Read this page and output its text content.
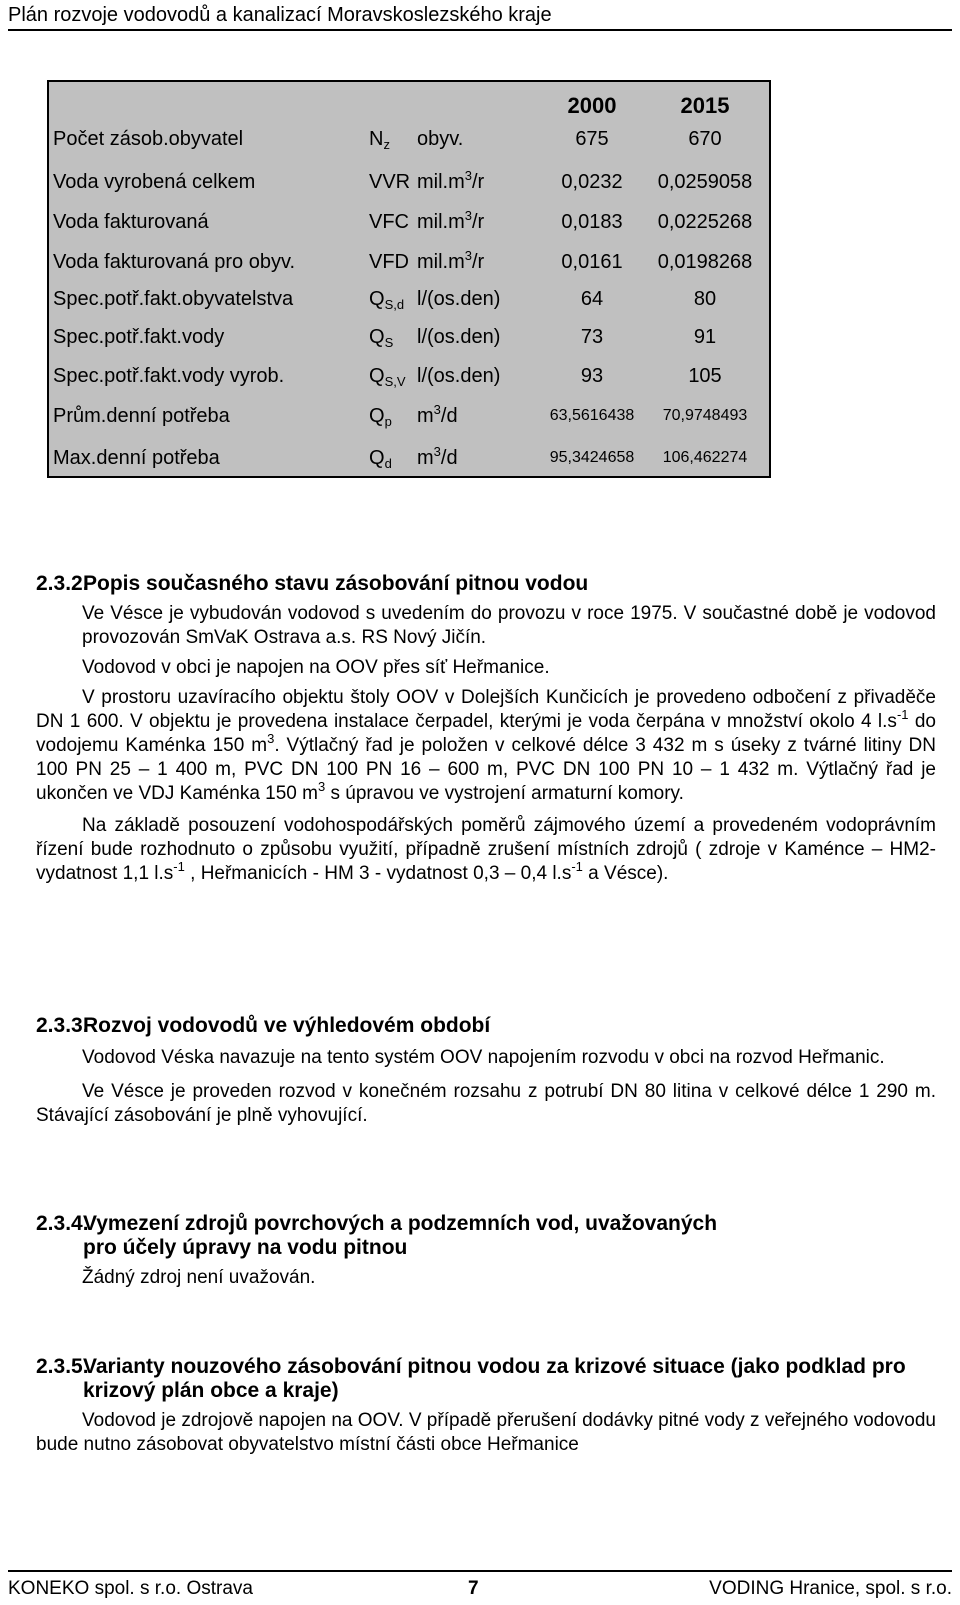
Plán rozvoje vodovodů a kanalizací Moravskoslezského kraje
2000	2015
Počet zásob.obyvatel	$N_z$ obyv.	675	670
Voda vyrobená celkem	VVR $mil.m^3/r$	0,0232	0,0259058
Voda fakturovaná	VFC $mil.m^3/r$	0,0183	0,0225268
Voda fakturovaná pro obyv.	VFD $mil.m^3/r$	0,0161	0,0198268
Spec.potř.fakt.obyvatelstva	$Q_{S,d}$ l/(os.den)	64	80
Spec.potř.fakt.vody	$Q_S$ l/(os.den)	73	91
Spec.potř.fakt.vody vyrob.	$Q_{S,V}$ l/(os.den)	93	105
Prům.denní potřeba	$Q_p$ $m^3/d$	63,5616438	70,9748493
Max.denní potřeba	$Q_d$ $m^3/d$	95,3424658	106,462274
2.3.2.Popis současného stavu zásobování pitnou vodou

Ve Vésce je vybudován vodovod s uvedením do provozu v roce 1975. V součastné době je vodovod provozován SmVaK Ostrava a.s. RS Nový Jičín.

Vodovod v obci je napojen na OOV přes síť Heřmanice.

V prostoru uzavíracího objektu štoly OOV v Dolejších Kunčicích je provedeno odbočení z přivaděče DN 1 600. V objektu je provedena instalace čerpadel, kterými je voda čerpána v množství okolo 4 $l.s^{-1}$ do vodojemu Kaménka 150 $m^3$. Výtlačný řad je položen v celkové délce 3 432 m s úseky z tvárné litiny DN 100 PN 25 – 1 400 m, PVC DN 100 PN 16 – 600 m, PVC DN 100 PN 10 – 1 432 m. Výtlačný řad je ukončen ve VDJ Kaménka 150 $m^3$ s úpravou ve vystrojení armaturní komory.

Na základě posouzení vodohospodářských poměrů zájmového území a provedeném vodoprávním řízení bude rozhodnuto o způsobu využití, případně zrušení místních zdrojů ( zdroje v Kaménce – HM2- vydatnost 1,1 $l.s^{-1}$ , Heřmanicích - HM 3 - vydatnost 0,3 – 0,4 $l.s^{-1}$ a Vésce).

2.3.3.Rozvoj vodovodů ve výhledovém období

Vodovod Véska navazuje na tento systém OOV napojením rozvodu v obci na rozvod Heřmanic.

Ve Vésce je proveden rozvod v konečném rozsahu z potrubí DN 80 litina v celkové délce 1 290 m. Stávající zásobování je plně vyhovující.

2.3.4.
Vymezení zdrojů povrchových a podzemních vod, uvažovaných pro účely úpravy na vodu pitnou

Žádný zdroj není uvažován.

2.3.5.
Varianty nouzového zásobování pitnou vodou za krizové situace (jako podklad pro krizový plán obce a kraje)

Vodovod je zdrojově napojen na OOV. V případě přerušení dodávky pitné vody z veřejného vodovodu bude nutno zásobovat obyvatelstvo místní části obce Heřmanice

KONEKO spol. s r.o. Ostrava	7	VODING Hranice, spol. s r.o.
